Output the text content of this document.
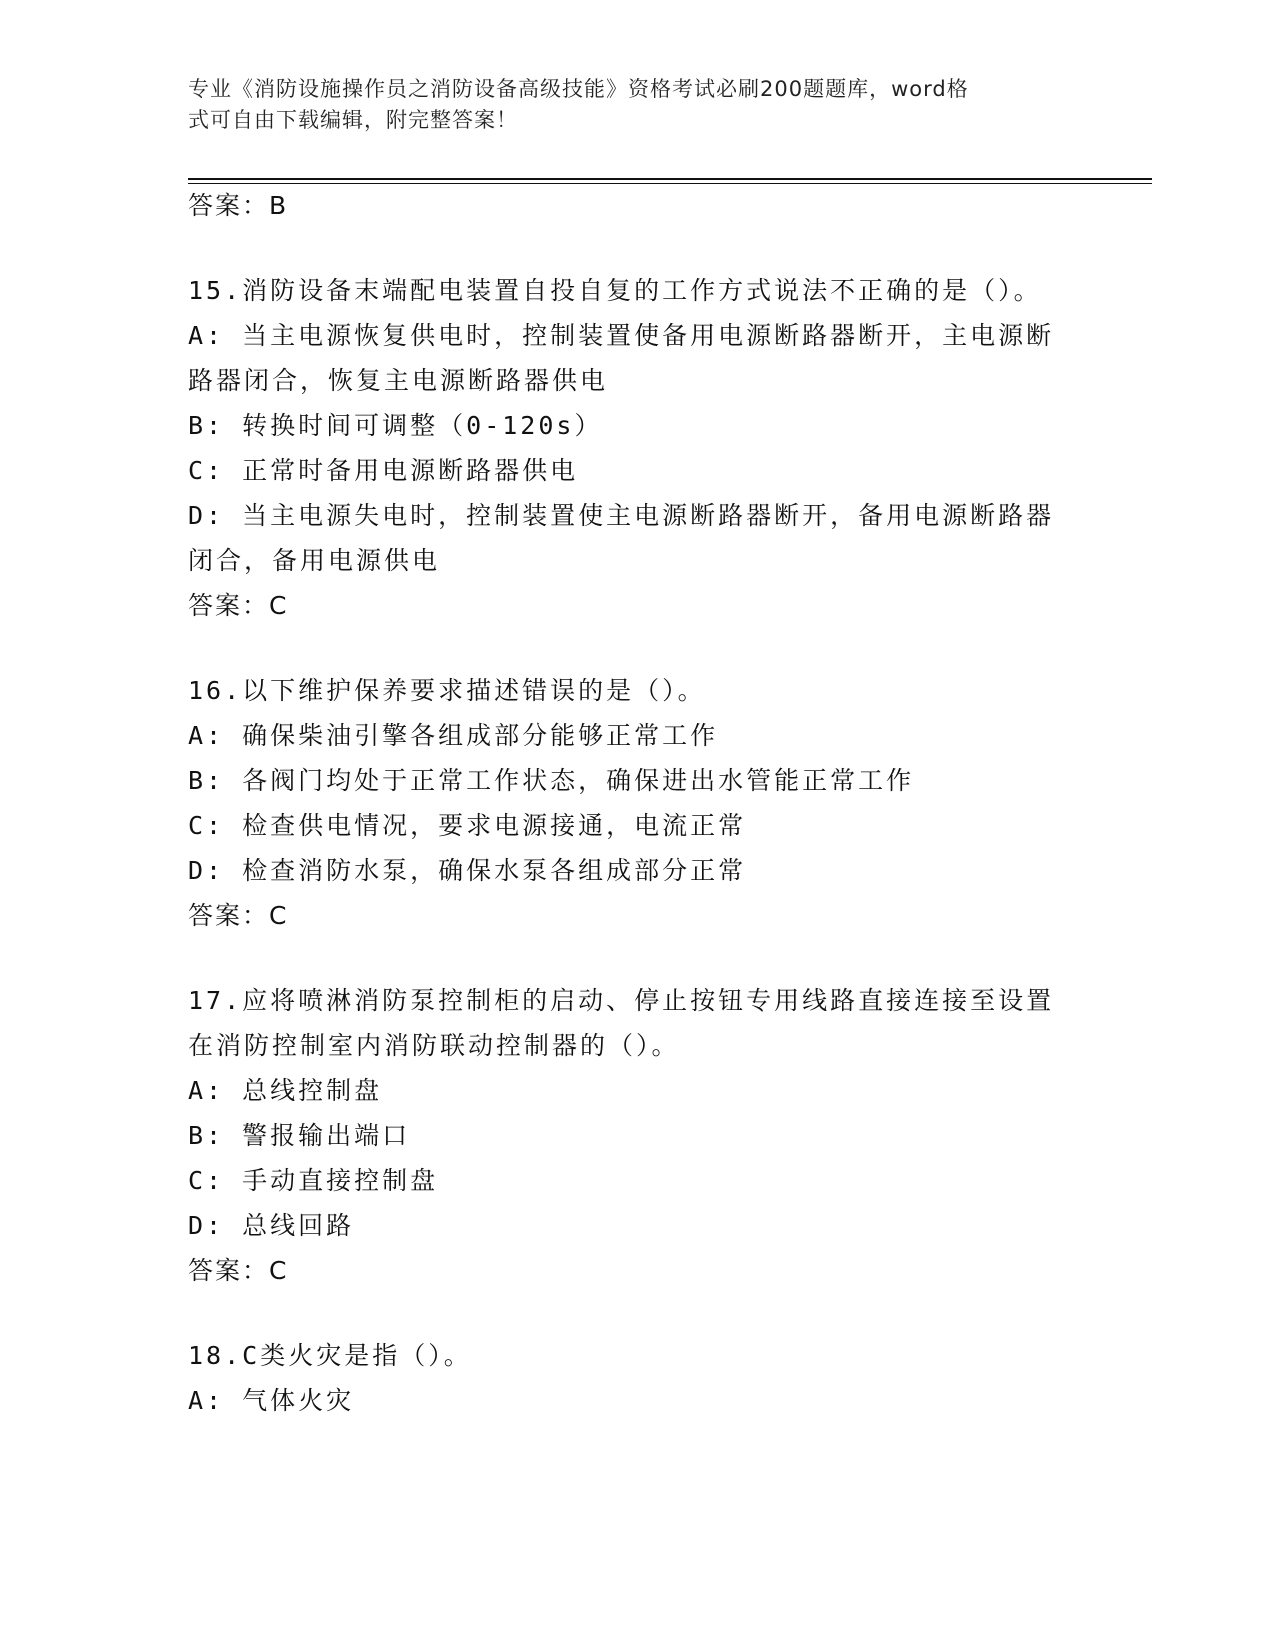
专业《消防设施操作员之消防设备高级技能》资格考试必刷200题题库，word格
式可自由下载编辑，附完整答案！
答案：B
15.消防设备末端配电装置自投自复的工作方式说法不正确的是（）。
A: 当主电源恢复供电时，控制装置使备用电源断路器断开，主电源断
路器闭合，恢复主电源断路器供电
B: 转换时间可调整（0-120s）
C: 正常时备用电源断路器供电
D: 当主电源失电时，控制装置使主电源断路器断开，备用电源断路器
闭合，备用电源供电
答案：C
16.以下维护保养要求描述错误的是（）。
A: 确保柴油引擎各组成部分能够正常工作
B: 各阀门均处于正常工作状态，确保进出水管能正常工作
C: 检查供电情况，要求电源接通，电流正常
D: 检查消防水泵，确保水泵各组成部分正常
答案：C
17.应将喷淋消防泵控制柜的启动、停止按钮专用线路直接连接至设置
在消防控制室内消防联动控制器的（）。
A: 总线控制盘
B: 警报输出端口
C: 手动直接控制盘
D: 总线回路
答案：C
18.C类火灾是指（）。
A: 气体火灾
